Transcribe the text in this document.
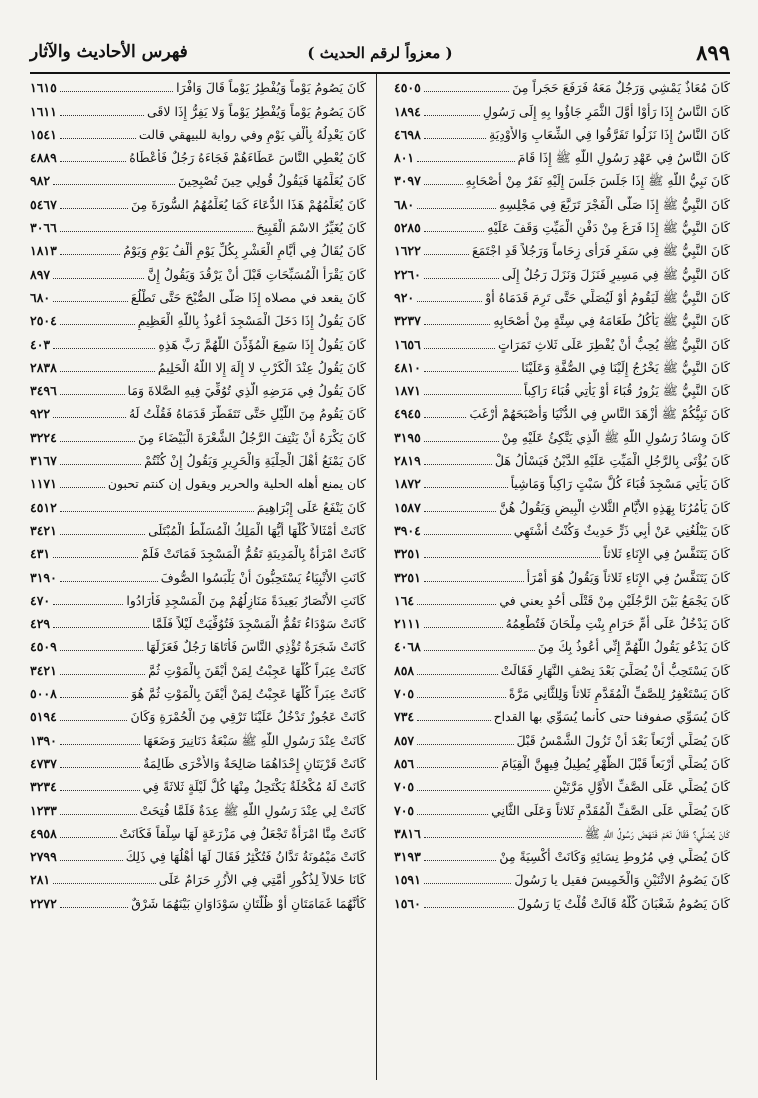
٨٩٩
( معزواً لرقم الحديث )
فهرس الأحاديث والآثار
كَانَ مُعَاذٌ يَمْشِي وَرَجُلٌ مَعَهُ فَرَفَعَ حَجَراً مِنَ
٤٥٠٥
كَانَ النَّاسُ إِذَا رَأَوْا أَوَّلَ الثَّمَرِ جَاؤُوا بِهِ إِلَى رَسُولِ
١٨٩٤
كَانَ النَّاسُ إِذَا نَزَلُوا تَفَرَّقُوا فِي الشِّعَابِ وَالأَوْدِيَةِ
٤٦٩٨
كَانَ النَّاسُ فِي عَهْدِ رَسُولِ اللَّهِ ﷺ إِذَا قَامَ
٨٠١
كَانَ نَبِيُّ اللَّهِ ﷺ إِذَا جَلَسَ جَلَسَ إِلَيْهِ نَفَرٌ مِنْ أَصْحَابِهِ
٣٠٩٧
كَانَ النَّبِيُّ ﷺ إِذَا صَلَّى الْفَجْرَ تَرَبَّعَ فِي مَجْلِسِهِ
٦٨٠
كَانَ النَّبِيُّ ﷺ إِذَا فَرَغَ مِنْ دَفْنِ الْمَيِّتِ وَقَفَ عَلَيْهِ
٥٢٨٥
كَانَ النَّبِيُّ ﷺ فِي سَفَرٍ فَرَأَى زِحَاماً وَرَجُلاً قَدِ اجْتَمَعَ
١٦٢٢
كَانَ النَّبِيُّ ﷺ فِي مَسِيرٍ فَنَزَلَ وَنَزَلَ رَجُلٌ إِلَى
٢٢٦٠
كَانَ النَّبِيُّ ﷺ لَيَقُومُ أَوْ لَيُصَلِّي حَتَّى تَرِمَ قَدَمَاهُ أَوْ
٩٢٠
كَانَ النَّبِيُّ ﷺ يَأْكُلُ طَعَامَهُ فِي سِتَّةٍ مِنْ أَصْحَابِهِ
٣٢٣٧
كَانَ النَّبِيُّ ﷺ يُحِبُّ أَنْ يُفْطِرَ عَلَى ثَلاثِ تَمَرَاتٍ
١٦٥٦
كَانَ النَّبِيُّ ﷺ يَخْرُجُ إِلَيْنَا فِي الصُّفَّةِ وَعَلَيْنَا
٤٨١٠
كَانَ النَّبِيُّ ﷺ يَزُورُ قُبَاءَ أَوْ يَأْتِي قُبَاءَ رَاكِباً
١٨٧١
كَانَ نَبِيُّكُمْ ﷺ أَزْهَدَ النَّاسِ فِي الدُّنْيَا وَأَصْبَحَهُمْ أَرْغَبَ
٤٩٤٥
كَانَ وِسَادُ رَسُولِ اللَّهِ ﷺ الَّذِي يَتَّكِئُ عَلَيْهِ مِنْ
٣١٩٥
كَانَ يُؤْتَى بِالرَّجُلِ الْمَيِّتِ عَلَيْهِ الدَّيْنُ فَيَسْأَلُ هَلْ
٢٨١٩
كَانَ يَأْتِي مَسْجِدَ قُبَاءَ كُلَّ سَبْتٍ رَاكِباً وَمَاشِياً
١٨٧٢
كَانَ يَأْمُرُنَا بِهَذِهِ الأَيَّامِ الثَّلاثِ الْبِيضِ وَيَقُولُ هُنَّ
١٥٨٧
كَانَ يَبْلُغُنِي عَنْ أَبِي ذَرٍّ حَدِيثٌ وَكُنْتُ أَشْتَهِي
٣٩٠٤
كَانَ يَتَنَفَّسُ فِي الإِنَاءِ ثَلاثاً
٣٢٥١
كَانَ يَتَنَفَّسُ فِي الإِنَاءِ ثَلاثاً وَيَقُولُ هُوَ أَمْرَأُ
٣٢٥١
كَانَ يَجْمَعُ بَيْنَ الرَّجُلَيْنِ مِنْ قَتْلَى أُحُدٍ يعني في
١٦٤
كَانَ يَدْخُلُ عَلَى أُمِّ حَرَامٍ بِنْتِ مِلْحَانَ فَتُطْعِمُهُ
٢١١١
كَانَ يَدْعُو يَقُولُ اللَّهُمَّ إِنِّي أَعُوذُ بِكَ مِنَ
٤٠٦٨
كَانَ يَسْتَحِبُّ أَنْ يُصَلِّيَ بَعْدَ نِصْفِ النَّهَارِ فَقَالَتْ
٨٥٨
كَانَ يَسْتَغْفِرُ لِلصَّفِّ الْمُقَدَّمِ ثَلاثاً وَلِلثَّانِي مَرَّةً
٧٠٥
كَانَ يُسَوِّي صفوفنا حتى كأنما يُسَوِّي بها القداح
٧٣٤
كَانَ يُصَلِّي أَرْبَعاً بَعْدَ أَنْ تَزُولَ الشَّمْسُ قَبْلَ
٨٥٧
كَانَ يُصَلِّي أَرْبَعاً قَبْلَ الظُّهْرِ يُطِيلُ فِيهِنَّ الْقِيَامَ
٨٥٦
كَانَ يُصَلِّي عَلَى الصَّفِّ الأَوَّلِ مَرَّتَيْنِ
٧٠٥
كَانَ يُصَلِّي عَلَى الصَّفِّ الْمُقَدَّمِ ثَلاثاً وَعَلَى الثَّانِي
٧٠٥
كَانَ يُصَلِّي؟ فَقَالَ نَعَمْ فَنَهَضَ رَسُولُ اللَّهِ ﷺ
٣٨١٦
كَانَ يُصَلِّي فِي مُرُوطِ نِسَائِهِ وَكَانَتْ أَكْسِيَةً مِنْ
٣١٩٣
كَانَ يَصُومُ الاثْنَيْنِ وَالْخَمِيسَ فقيل يا رَسُولَ
١٥٩١
كَانَ يَصُومُ شَعْبَانَ كُلَّهُ قَالَتْ قُلْتُ يَا رَسُولَ
١٥٦٠
كَانَ يَصُومُ يَوْماً وَيُفْطِرُ يَوْماً قَالَ وَافْرَا
١٦١٥
كَانَ يَصُومُ يَوْماً وَيُفْطِرُ يَوْماً وَلا يَفِرُّ إِذَا لاقَى
١٦١١
كَانَ يَعْدِلُهُ بِأَلْفِ يَوْمٍ وفي رواية للبيهقي قالت
١٥٤١
كَانَ يُعْطِي النَّاسَ عَطَاءَهُمْ فَجَاءَهُ رَجُلٌ فَأَعْطَاهُ
٤٨٨٩
كَانَ يُعَلِّمُهَا فَيَقُولُ قُولِي حِينَ تُصْبِحِينَ
٩٨٢
كَانَ يُعَلِّمُهُمْ هَذَا الدُّعَاءَ كَمَا يُعَلِّمُهُمُ السُّورَةَ مِنَ
٥٤٦٧
كَانَ يُغَيِّرُ الاسْمَ الْقَبِيحَ
٣٠٦٦
كَانَ يُقَالُ فِي أَيَّامِ الْعَشْرِ بِكُلِّ يَوْمٍ أَلْفُ يَوْمٍ وَيَوْمُ
١٨١٣
كَانَ يَقْرَأُ الْمُسَبِّحَاتِ قَبْلَ أَنْ يَرْقُدَ وَيَقُولُ إِنَّ
٨٩٧
كَانَ يقعد في مصلاه إِذَا صَلَّى الصُّبْحَ حَتَّى تَطْلُعَ
٦٨٠
كَانَ يَقُولُ إِذَا دَخَلَ الْمَسْجِدَ أَعُوذُ بِاللَّهِ الْعَظِيمِ
٢٥٠٤
كَانَ يَقُولُ إِذَا سَمِعَ الْمُؤَذِّنَ اللَّهُمَّ رَبَّ هَذِهِ
٤٠٣
كَانَ يَقُولُ عِنْدَ الْكَرْبِ لا إِلَهَ إِلا اللَّهُ الْحَلِيمُ
٢٨٣٨
كَانَ يَقُولُ فِي مَرَضِهِ الَّذِي تُوُفِّيَ فِيهِ الصَّلاةَ وَمَا
٣٤٩٦
كَانَ يَقُومُ مِنَ اللَّيْلِ حَتَّى تَتَفَطَّرَ قَدَمَاهُ فَقُلْتُ لَهُ
٩٢٢
كَانَ يَكْرَهُ أَنْ يَنْتِفَ الرَّجُلُ الشَّعْرَةَ الْبَيْضَاءَ مِنَ
٣٢٢٤
كَانَ يَمْنَعُ أَهْلَ الْحِلْيَةِ وَالْحَرِيرِ وَيَقُولُ إِنْ كُنْتُمْ
٣١٦٧
كان يمنع أهله الحلية والحرير ويقول إن كنتم تحبون
١١٧١
كَانَ يَنْفَعُ عَلَى إِبْرَاهِيمَ
٤٥١٢
كَانَتْ أَمْثَالاً كُلُّهَا أَيُّهَا الْمَلِكُ الْمُسَلَّطُ الْمُبْتَلَى
٣٤٢١
كَانَتْ امْرَأَةٌ بِالْمَدِينَةِ تَقُمُّ الْمَسْجِدَ فَمَاتَتْ فَلَمْ
٤٣١
كَانَتِ الأَنْبِيَاءُ يَسْتَحِبُّونَ أَنْ يَلْبَسُوا الصُّوفَ
٣١٩٠
كَانَتِ الأَنْصَارُ بَعِيدَةً مَنَازِلُهُمْ مِنَ الْمَسْجِدِ فَأَرَادُوا
٤٧٠
كَانَتْ سَوْدَاءُ تَقُمُّ الْمَسْجِدَ فَتُوُفِّيَتْ لَيْلاً فَلَمَّا
٤٢٩
كَانَتْ شَجَرَةٌ تُؤْذِي النَّاسَ فَأَتَاهَا رَجُلٌ فَعَزَلَهَا
٤٥٠٩
كَانَتْ عِبَراً كُلُّهَا عَجِبْتُ لِمَنْ أَيْقَنَ بِالْمَوْتِ ثُمَّ
٣٤٢١
كَانَتْ عِبَراً كُلُّهَا عَجِبْتُ لِمَنْ أَيْقَنَ بِالْمَوْتِ ثُمَّ هُوَ
٥٠٠٨
كَانَتْ عَجُوزٌ تَدْخُلُ عَلَيْنَا تَرْقِي مِنَ الْحُمْرَةِ وَكَانَ
٥١٩٤
كَانَتْ عِنْدَ رَسُولِ اللَّهِ ﷺ سَبْعَةُ دَنَانِيرَ وَضَعَهَا
١٣٩٠
كَانَتْ قَرْيَتَانِ إِحْدَاهُمَا صَالِحَةٌ وَالأُخْرَى ظَالِمَةٌ
٤٧٣٧
كَانَتْ لَهُ مُكْحُلَةٌ يَكْتَحِلُ مِنْهَا كُلَّ لَيْلَةٍ ثَلاثَةً فِي
٣٢٣٤
كَانَتْ لِي عِنْدَ رَسُولِ اللَّهِ ﷺ عِدَةٌ فَلَمَّا فُتِحَتْ
١٢٣٣
كَانَتْ مِنَّا امْرَأَةٌ تَجْعَلُ فِي مَزْرَعَةٍ لَهَا سِلْقاً فَكَانَتْ
٤٩٥٨
كَانَتْ مَيْمُونَةُ تَدَّانُ فَتُكْثِرُ فَقَالَ لَهَا أَهْلُهَا فِي ذَلِكَ
٢٧٩٩
كَانَا حَلالاً لِذُكُورِ أُمَّتِي فِي الأُزُرِ حَرَامٌ عَلَى
٢٨١
كَأَنَّهُمَا غَمَامَتَانِ أَوْ ظُلَّتَانِ سَوْدَاوَانِ بَيْنَهُمَا شَرْقٌ
٢٢٧٢
